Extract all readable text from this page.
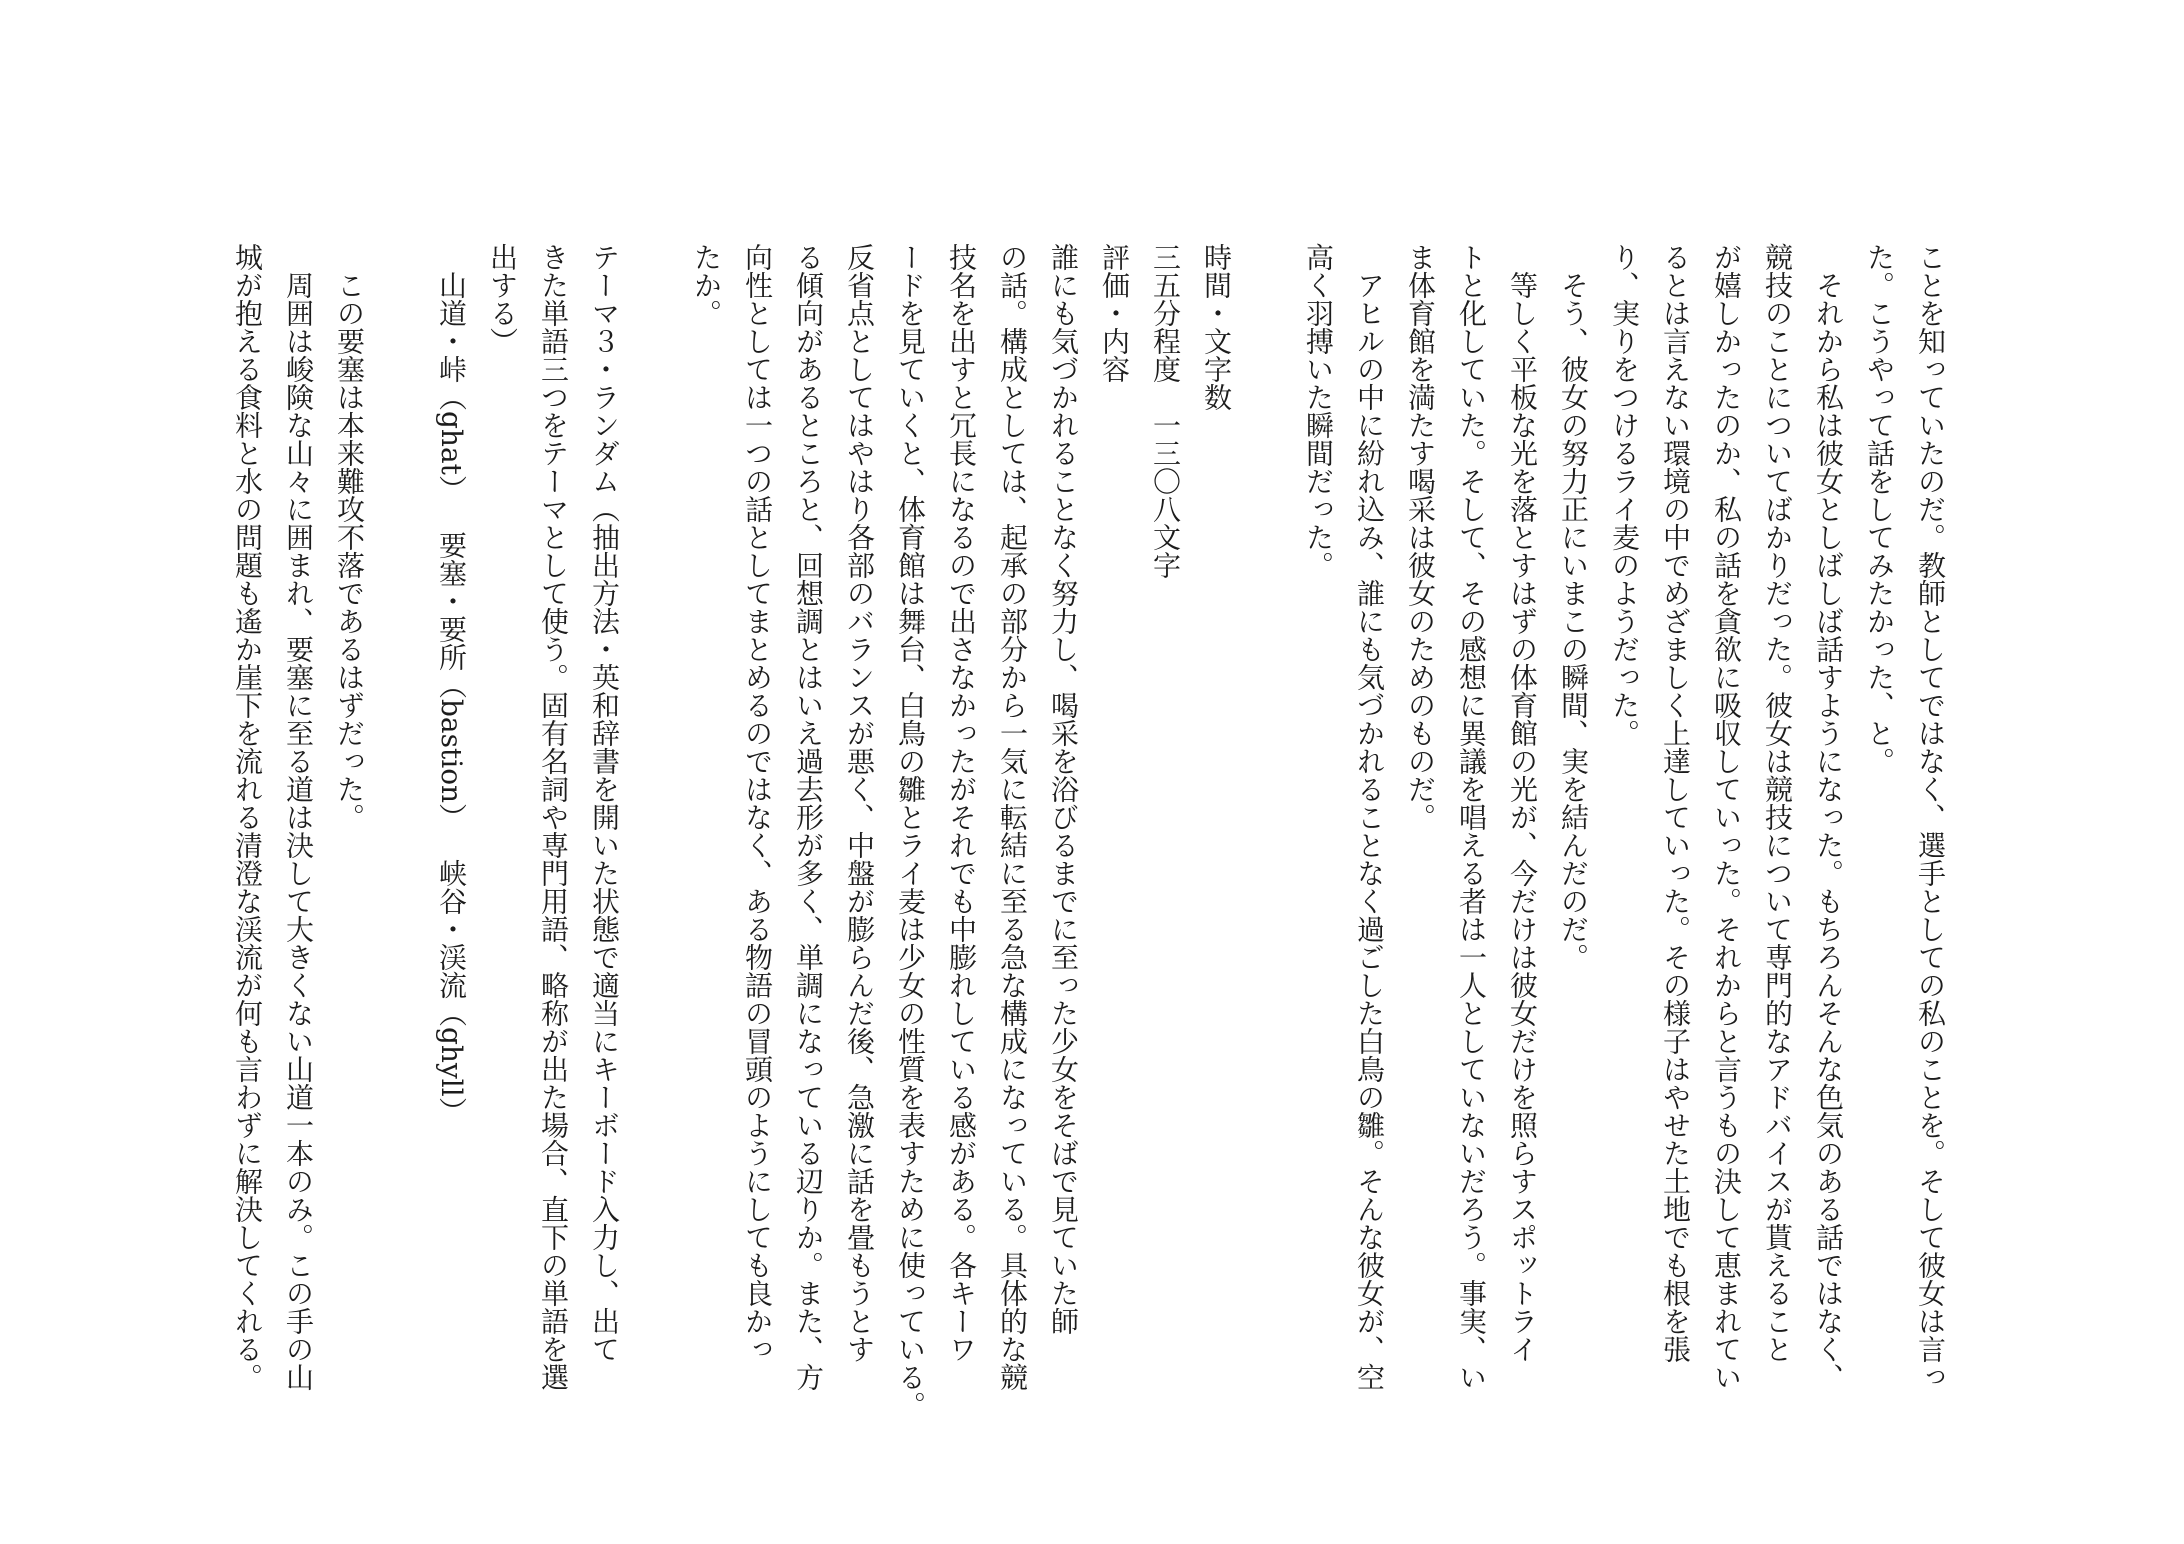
ことを知っていたのだ。教師としてではなく、選手としての私のことを。そして彼女は言っ
た。こうやって話をしてみたかった、と。
それから私は彼女としばしば話すようになった。もちろんそんな色気のある話ではなく、
競技のことについてばかりだった。彼女は競技について専門的なアドバイスが貰えること
が嬉しかったのか、私の話を貪欲に吸収していった。それからと言うもの決して恵まれてい
るとは言えない環境の中でめざましく上達していった。その様子はやせた土地でも根を張
り、実りをつけるライ麦のようだった。
そう、彼女の努力正にいまこの瞬間、実を結んだのだ。
等しく平板な光を落とすはずの体育館の光が、今だけは彼女だけを照らすスポットライ
トと化していた。そして、その感想に異議を唱える者は一人としていないだろう。事実、い
ま体育館を満たす喝采は彼女のためのものだ。
アヒルの中に紛れ込み、誰にも気づかれることなく過ごした白鳥の雛。そんな彼女が、空
高く羽搏いた瞬間だった。
時間・文字数
三五分程度　一三〇八文字
評価・内容
誰にも気づかれることなく努力し、喝采を浴びるまでに至った少女をそばで見ていた師
の話。構成としては、起承の部分から一気に転結に至る急な構成になっている。具体的な競
技名を出すと冗長になるので出さなかったがそれでも中膨れしている感がある。各キーワ
ードを見ていくと、体育館は舞台、白鳥の雛とライ麦は少女の性質を表すために使っている。
反省点としてはやはり各部のバランスが悪く、中盤が膨らんだ後、急激に話を畳もうとす
る傾向があるところと、回想調とはいえ過去形が多く、単調になっている辺りか。また、方
向性としては一つの話としてまとめるのではなく、ある物語の冒頭のようにしても良かっ
たか。
テーマ３・ランダム（抽出方法・英和辞書を開いた状態で適当にキーボード入力し、出て
きた単語三つをテーマとして使う。固有名詞や専門用語、略称が出た場合、直下の単語を選
出する）
山道・峠（ghat）要塞・要所（bastion）峡谷・渓流（ghyll）
この要塞は本来難攻不落であるはずだった。
周囲は峻険な山々に囲まれ、要塞に至る道は決して大きくない山道一本のみ。この手の山
城が抱える食料と水の問題も遙か崖下を流れる清澄な渓流が何も言わずに解決してくれる。
